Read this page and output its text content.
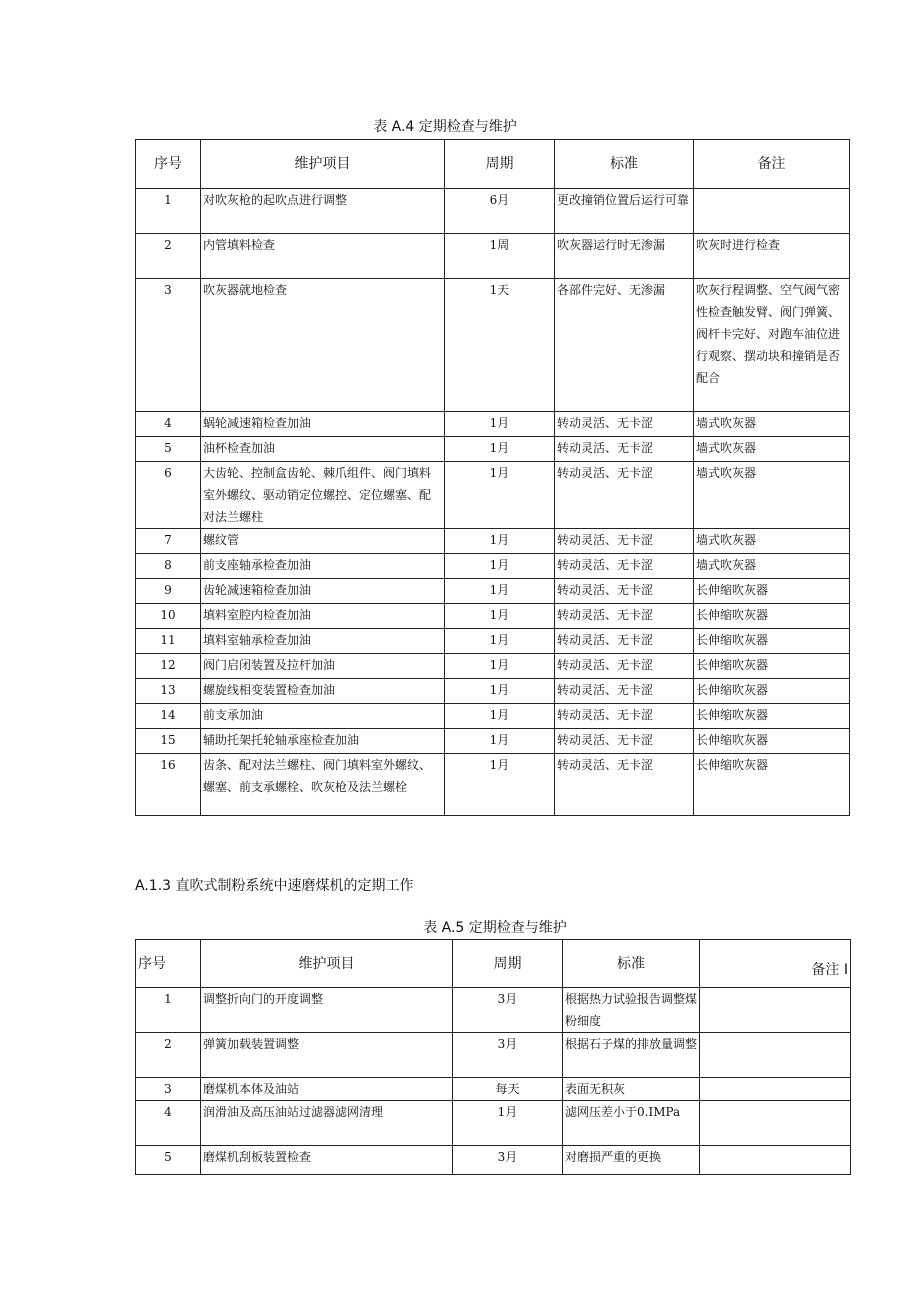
表 A.4 定期检查与维护
序号	维护项目	周期	标准	备注
1	对吹灰枪的起吹点进行调整	6月	更改撞销位置后运行可靠	
2	内管填料检查	1周	吹灰器运行时无渗漏	吹灰时进行检查
3	吹灰器就地检查	1天	各部件完好、无渗漏	吹灰行程调整、空气阀气密性检查触发臂、阀门弹簧、阀杆卡完好、对跑车油位进行观察、摆动块和撞销是否配合
4	蜗轮减速箱检查加油	1月	转动灵活、无卡涩	墙式吹灰器
5	油杯检查加油	1月	转动灵活、无卡涩	墙式吹灰器
6	大齿轮、控制盒齿轮、棘爪组件、阀门填料室外螺纹、驱动销定位螺控、定位螺塞、配对法兰螺柱	1月	转动灵活、无卡涩	墙式吹灰器
7	螺纹管	1月	转动灵活、无卡涩	墙式吹灰器
8	前支座轴承检查加油	1月	转动灵活、无卡涩	墙式吹灰器
9	齿轮减速箱检查加油	1月	转动灵活、无卡涩	长伸缩吹灰器
10	填料室腔内检查加油	1月	转动灵活、无卡涩	长伸缩吹灰器
11	填料室轴承检查加油	1月	转动灵活、无卡涩	长伸缩吹灰器
12	阀门启闭装置及拉杆加油	1月	转动灵活、无卡涩	长伸缩吹灰器
13	螺旋线相变装置检查加油	1月	转动灵活、无卡涩	长伸缩吹灰器
14	前支承加油	1月	转动灵活、无卡涩	长伸缩吹灰器
15	辅助托架托轮轴承座检查加油	1月	转动灵活、无卡涩	长伸缩吹灰器
16	齿条、配对法兰螺柱、阀门填料室外螺纹、螺塞、前支承螺栓、吹灰枪及法兰螺栓	1月	转动灵活、无卡涩	长伸缩吹灰器
A.1.3 直吹式制粉系统中速磨煤机的定期工作
表 A.5 定期检查与维护
序号	维护项目	周期	标准	备注 I
1	调整折向门的开度调整	3月	根据热力试验报告调整煤粉细度	
2	弹簧加载装置调整	3月	根据石子煤的排放量调整	
3	磨煤机本体及油站	每天	表面无积灰	
4	润滑油及高压油站过滤器滤网清理	1月	滤网压差小于0.IMPa	
5	磨煤机刮板装置检查	3月	对磨损严重的更换	
